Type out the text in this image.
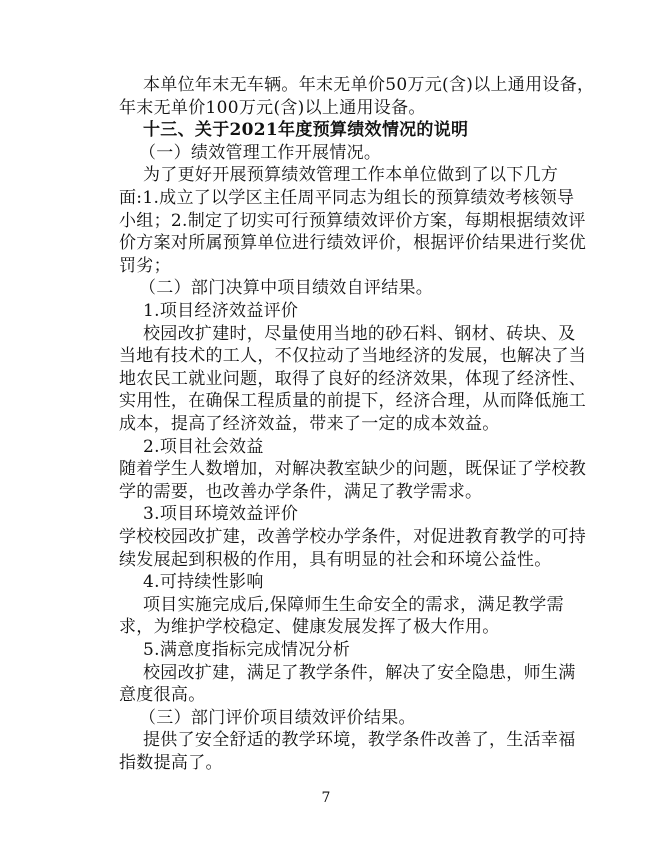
本单位年末无车辆。年末无单价50万元(含)以上通用设备，
年末无单价100万元(含)以上通用设备。
十三、关于2021年度预算绩效情况的说明
（一）绩效管理工作开展情况。
为了更好开展预算绩效管理工作本单位做到了以下几方
面:1.成立了以学区主任周平同志为组长的预算绩效考核领导
小组；2.制定了切实可行预算绩效评价方案，每期根据绩效评
价方案对所属预算单位进行绩效评价，根据评价结果进行奖优
罚劣；
（二）部门决算中项目绩效自评结果。
1.项目经济效益评价
校园改扩建时，尽量使用当地的砂石料、钢材、砖块、及
当地有技术的工人，不仅拉动了当地经济的发展，也解决了当
地农民工就业问题，取得了良好的经济效果，体现了经济性、
实用性，在确保工程质量的前提下，经济合理，从而降低施工
成本，提高了经济效益，带来了一定的成本效益。
2.项目社会效益
随着学生人数增加，对解决教室缺少的问题，既保证了学校教
学的需要，也改善办学条件，满足了教学需求。
3.项目环境效益评价
学校校园改扩建，改善学校办学条件，对促进教育教学的可持
续发展起到积极的作用，具有明显的社会和环境公益性。
4.可持续性影响
项目实施完成后,保障师生生命安全的需求，满足教学需
求，为维护学校稳定、健康发展发挥了极大作用。
5.满意度指标完成情况分析
校园改扩建，满足了教学条件，解决了安全隐患，师生满
意度很高。
（三）部门评价项目绩效评价结果。
提供了安全舒适的教学环境，教学条件改善了，生活幸福
指数提高了。
7
